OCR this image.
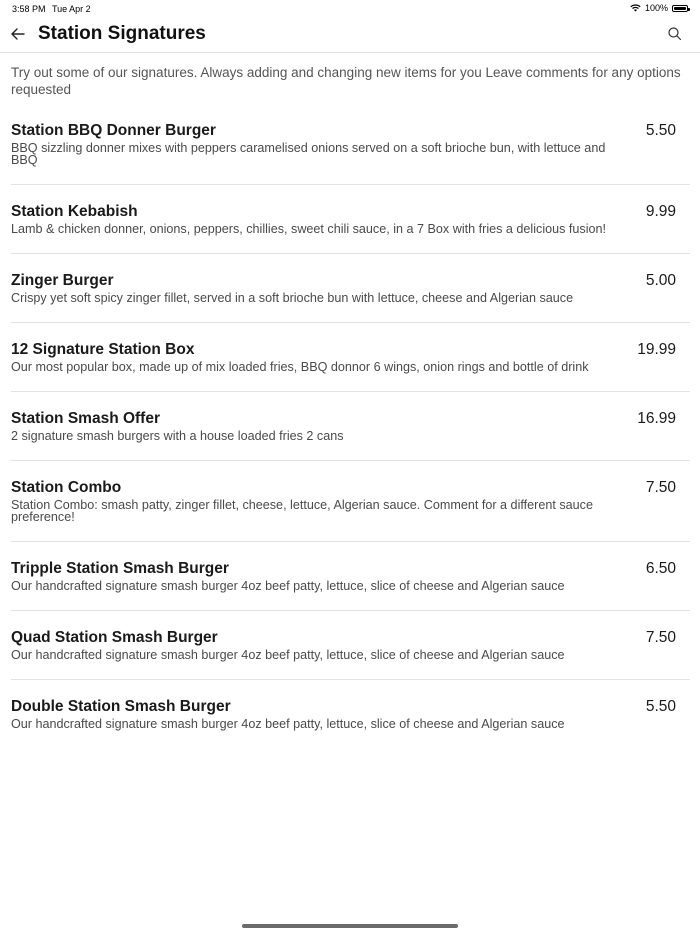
3:58 PM Tue Apr 2	100%
Station Signatures
Try out some of our signatures. Always adding and changing new items for you Leave comments for any options requested
Station BBQ Donner Burger
BBQ sizzling donner mixes with peppers caramelised onions served on a soft brioche bun, with lettuce and BBQ
5.50
Station Kebabish
Lamb & chicken donner, onions, peppers, chillies, sweet chili sauce, in a 7 Box with fries a delicious fusion!
9.99
Zinger Burger
Crispy yet soft spicy zinger fillet, served in a soft brioche bun with lettuce, cheese and Algerian sauce
5.00
12 Signature Station Box
Our most popular box, made up of mix loaded fries, BBQ donnor 6 wings, onion rings and bottle of drink
19.99
Station Smash Offer
2 signature smash burgers with a house loaded fries 2 cans
16.99
Station Combo
Station Combo: smash patty, zinger fillet, cheese, lettuce, Algerian sauce. Comment for a different sauce preference!
7.50
Tripple Station Smash Burger
Our handcrafted signature smash burger 4oz beef patty, lettuce, slice of cheese and Algerian sauce
6.50
Quad Station Smash Burger
Our handcrafted signature smash burger 4oz beef patty, lettuce, slice of cheese and Algerian sauce
7.50
Double Station Smash Burger
Our handcrafted signature smash burger 4oz beef patty, lettuce, slice of cheese and Algerian sauce
5.50
